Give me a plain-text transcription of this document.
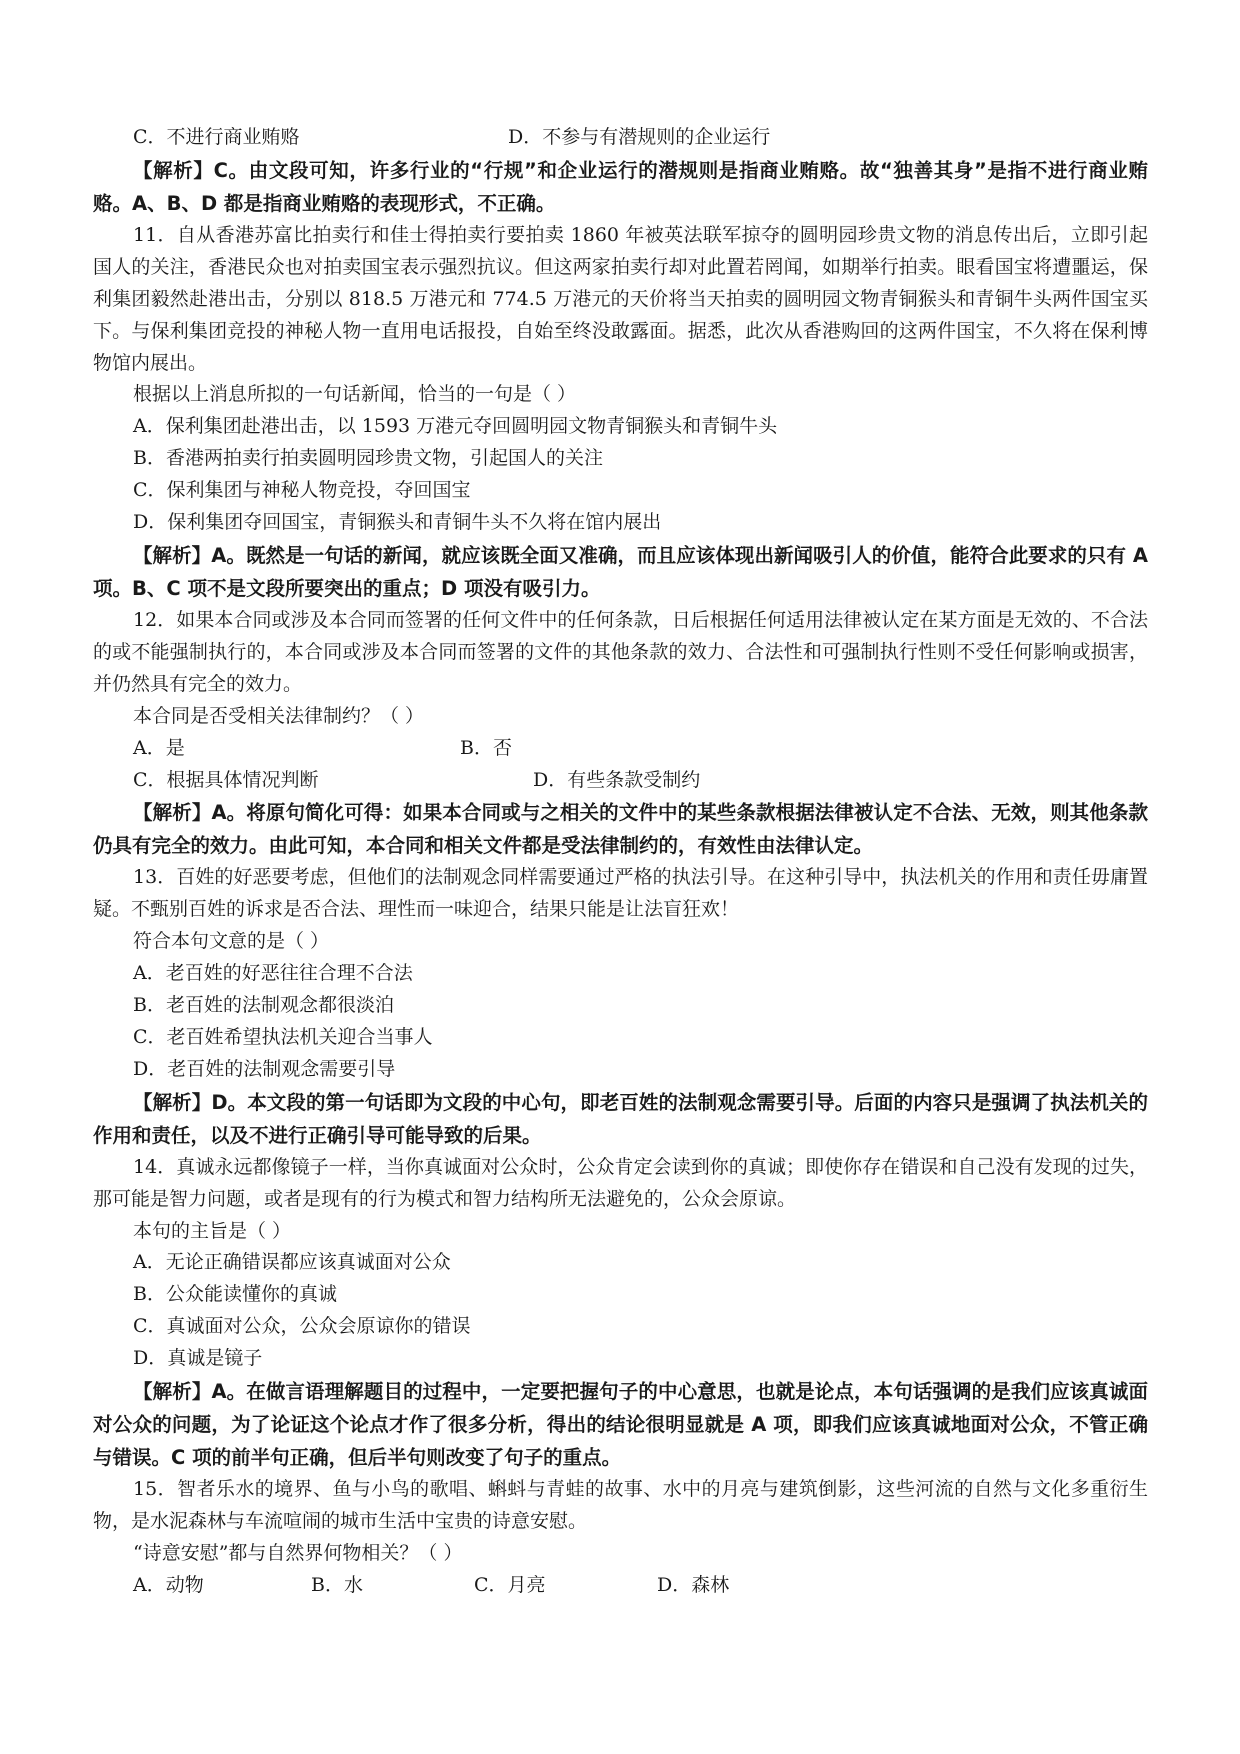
C．不进行商业贿赂	D．不参与有潜规则的企业运行

【解析】C。由文段可知，许多行业的“行规”和企业运行的潜规则是指商业贿赂。故“独善其身”是指不进行商业贿赂。A、B、D 都是指商业贿赂的表现形式，不正确。

11．自从香港苏富比拍卖行和佳士得拍卖行要拍卖 1860 年被英法联军掠夺的圆明园珍贵文物的消息传出后，立即引起国人的关注，香港民众也对拍卖国宝表示强烈抗议。但这两家拍卖行却对此置若罔闻，如期举行拍卖。眼看国宝将遭噩运，保利集团毅然赴港出击，分别以 818.5 万港元和 774.5 万港元的天价将当天拍卖的圆明园文物青铜猴头和青铜牛头两件国宝买下。与保利集团竞投的神秘人物一直用电话报投，自始至终没敢露面。据悉，此次从香港购回的这两件国宝，不久将在保利博物馆内展出。

根据以上消息所拟的一句话新闻，恰当的一句是（ ）

A．保利集团赴港出击，以 1593 万港元夺回圆明园文物青铜猴头和青铜牛头

B．香港两拍卖行拍卖圆明园珍贵文物，引起国人的关注

C．保利集团与神秘人物竞投，夺回国宝

D．保利集团夺回国宝，青铜猴头和青铜牛头不久将在馆内展出

【解析】A。既然是一句话的新闻，就应该既全面又准确，而且应该体现出新闻吸引人的价值，能符合此要求的只有 A 项。B、C 项不是文段所要突出的重点；D 项没有吸引力。

12．如果本合同或涉及本合同而签署的任何文件中的任何条款，日后根据任何适用法律被认定在某方面是无效的、不合法的或不能强制执行的，本合同或涉及本合同而签署的文件的其他条款的效力、合法性和可强制执行性则不受任何影响或损害，并仍然具有完全的效力。

本合同是否受相关法律制约？（ ）

A．是	B．否
C．根据具体情况判断	D．有些条款受制约

【解析】A。将原句简化可得：如果本合同或与之相关的文件中的某些条款根据法律被认定不合法、无效，则其他条款仍具有完全的效力。由此可知，本合同和相关文件都是受法律制约的，有效性由法律认定。

13．百姓的好恶要考虑，但他们的法制观念同样需要通过严格的执法引导。在这种引导中，执法机关的作用和责任毋庸置疑。不甄别百姓的诉求是否合法、理性而一味迎合，结果只能是让法盲狂欢！

符合本句文意的是（ ）

A．老百姓的好恶往往合理不合法

B．老百姓的法制观念都很淡泊

C．老百姓希望执法机关迎合当事人

D．老百姓的法制观念需要引导

【解析】D。本文段的第一句话即为文段的中心句，即老百姓的法制观念需要引导。后面的内容只是强调了执法机关的作用和责任，以及不进行正确引导可能导致的后果。

14．真诚永远都像镜子一样，当你真诚面对公众时，公众肯定会读到你的真诚；即使你存在错误和自己没有发现的过失，那可能是智力问题，或者是现有的行为模式和智力结构所无法避免的，公众会原谅。

本句的主旨是（ ）

A．无论正确错误都应该真诚面对公众

B．公众能读懂你的真诚

C．真诚面对公众，公众会原谅你的错误

D．真诚是镜子

【解析】A。在做言语理解题目的过程中，一定要把握句子的中心意思，也就是论点，本句话强调的是我们应该真诚面对公众的问题，为了论证这个论点才作了很多分析，得出的结论很明显就是 A 项，即我们应该真诚地面对公众，不管正确与错误。C 项的前半句正确，但后半句则改变了句子的重点。

15．智者乐水的境界、鱼与小鸟的歌唱、蝌蚪与青蛙的故事、水中的月亮与建筑倒影，这些河流的自然与文化多重衍生物，是水泥森林与车流喧闹的城市生活中宝贵的诗意安慰。

“诗意安慰”都与自然界何物相关？（ ）

A．动物	B．水	C．月亮	D．森林
